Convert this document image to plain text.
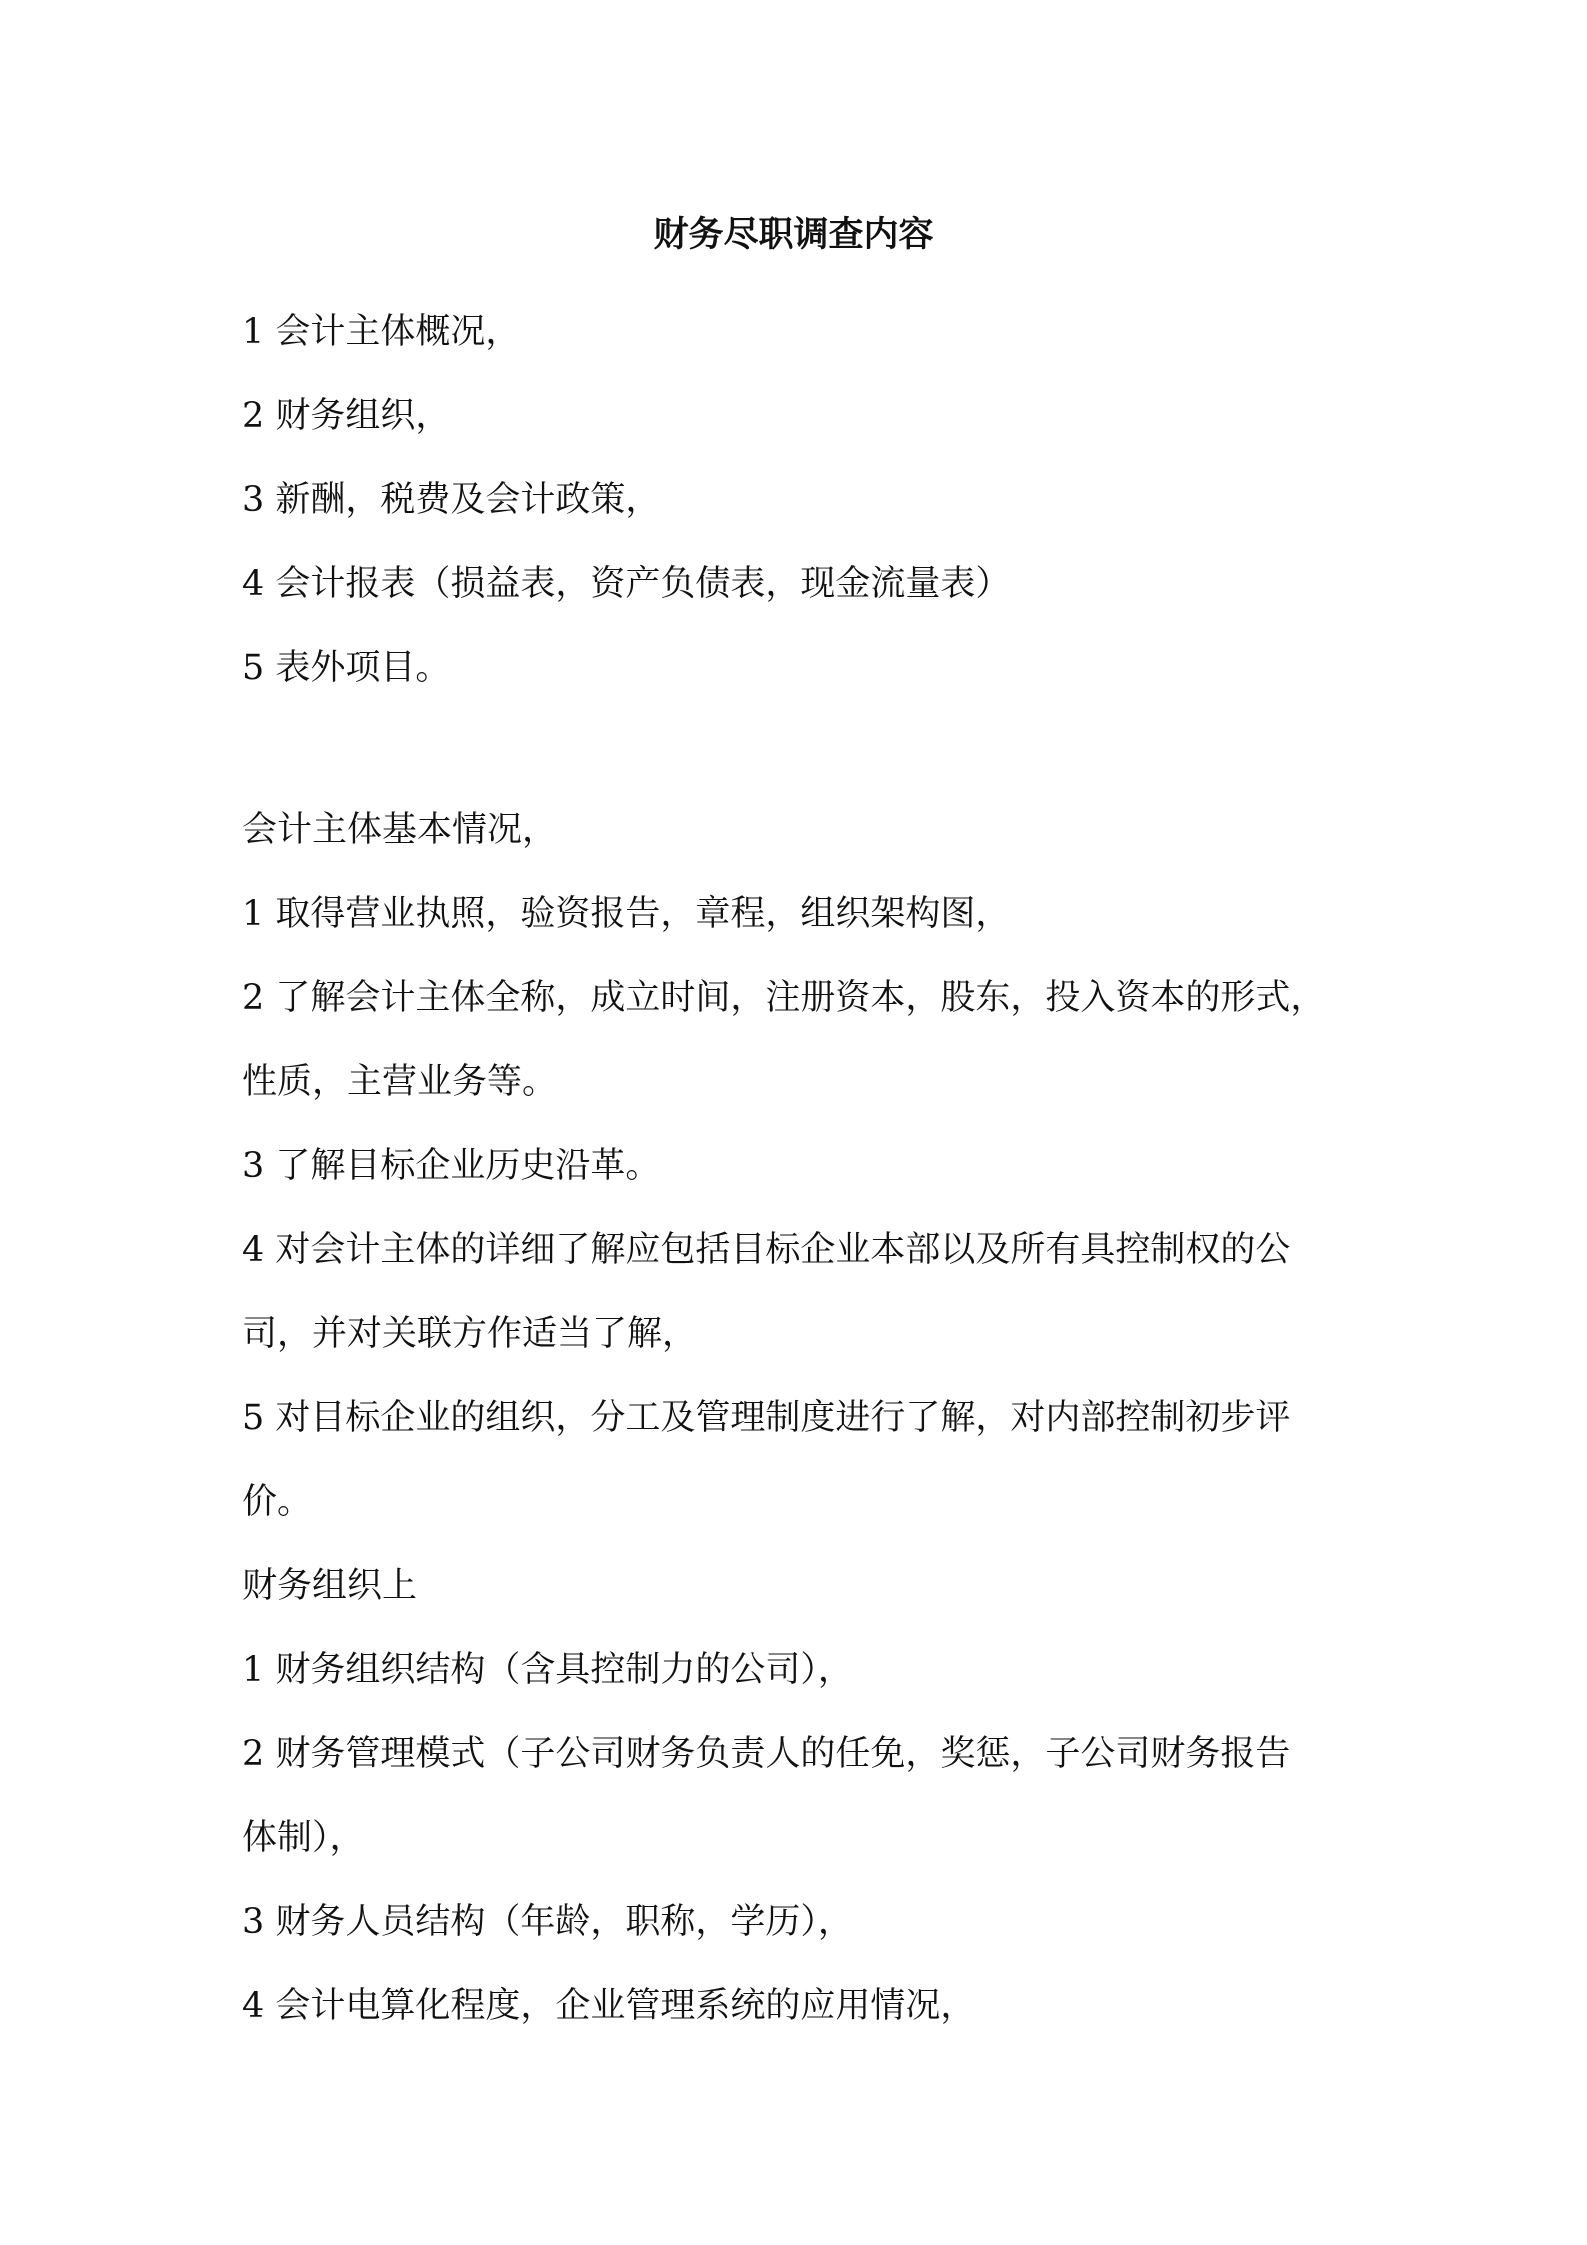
财务尽职调查内容

1 会计主体概况，

2 财务组织，

3 新酬，税费及会计政策，

4 会计报表（损益表，资产负债表，现金流量表）

5 表外项目。

会计主体基本情况，

1 取得营业执照，验资报告，章程，组织架构图，

2 了解会计主体全称，成立时间，注册资本，股东，投入资本的形式，

性质，主营业务等。

3 了解目标企业历史沿革。

4 对会计主体的详细了解应包括目标企业本部以及所有具控制权的公

司，并对关联方作适当了解，

5 对目标企业的组织，分工及管理制度进行了解，对内部控制初步评

价。

财务组织上

1 财务组织结构（含具控制力的公司），

2 财务管理模式（子公司财务负责人的任免，奖惩，子公司财务报告

体制），

3 财务人员结构（年龄，职称，学历），

4 会计电算化程度，企业管理系统的应用情况，
